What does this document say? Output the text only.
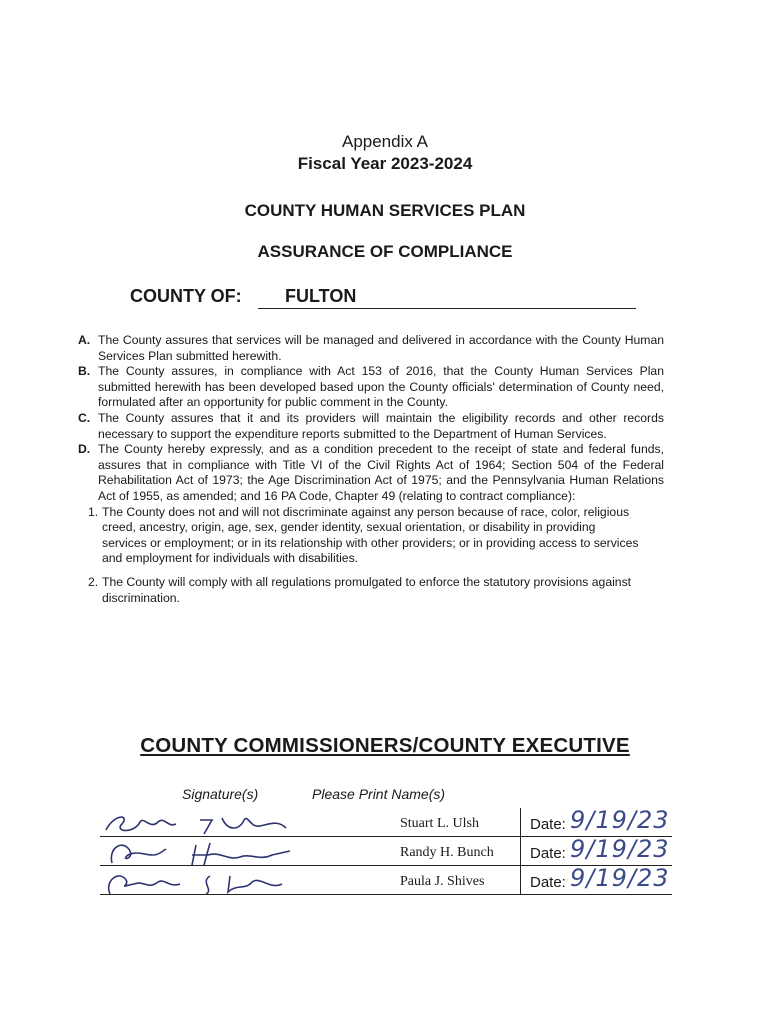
Appendix A
Fiscal Year 2023-2024
COUNTY HUMAN SERVICES PLAN
ASSURANCE OF COMPLIANCE
COUNTY OF: FULTON
A. The County assures that services will be managed and delivered in accordance with the County Human Services Plan submitted herewith.
B. The County assures, in compliance with Act 153 of 2016, that the County Human Services Plan submitted herewith has been developed based upon the County officials' determination of County need, formulated after an opportunity for public comment in the County.
C. The County assures that it and its providers will maintain the eligibility records and other records necessary to support the expenditure reports submitted to the Department of Human Services.
D. The County hereby expressly, and as a condition precedent to the receipt of state and federal funds, assures that in compliance with Title VI of the Civil Rights Act of 1964; Section 504 of the Federal Rehabilitation Act of 1973; the Age Discrimination Act of 1975; and the Pennsylvania Human Relations Act of 1955, as amended; and 16 PA Code, Chapter 49 (relating to contract compliance):
1. The County does not and will not discriminate against any person because of race, color, religious creed, ancestry, origin, age, sex, gender identity, sexual orientation, or disability in providing services or employment; or in its relationship with other providers; or in providing access to services and employment for individuals with disabilities.
2. The County will comply with all regulations promulgated to enforce the statutory provisions against discrimination.
COUNTY COMMISSIONERS/COUNTY EXECUTIVE
Signature(s)	Please Print Name(s)
Stuart L. Ulsh	Date: 9/19/23
Randy H. Bunch Date: 9/19/23
Paula J. Shives	Date: 9/19/23
